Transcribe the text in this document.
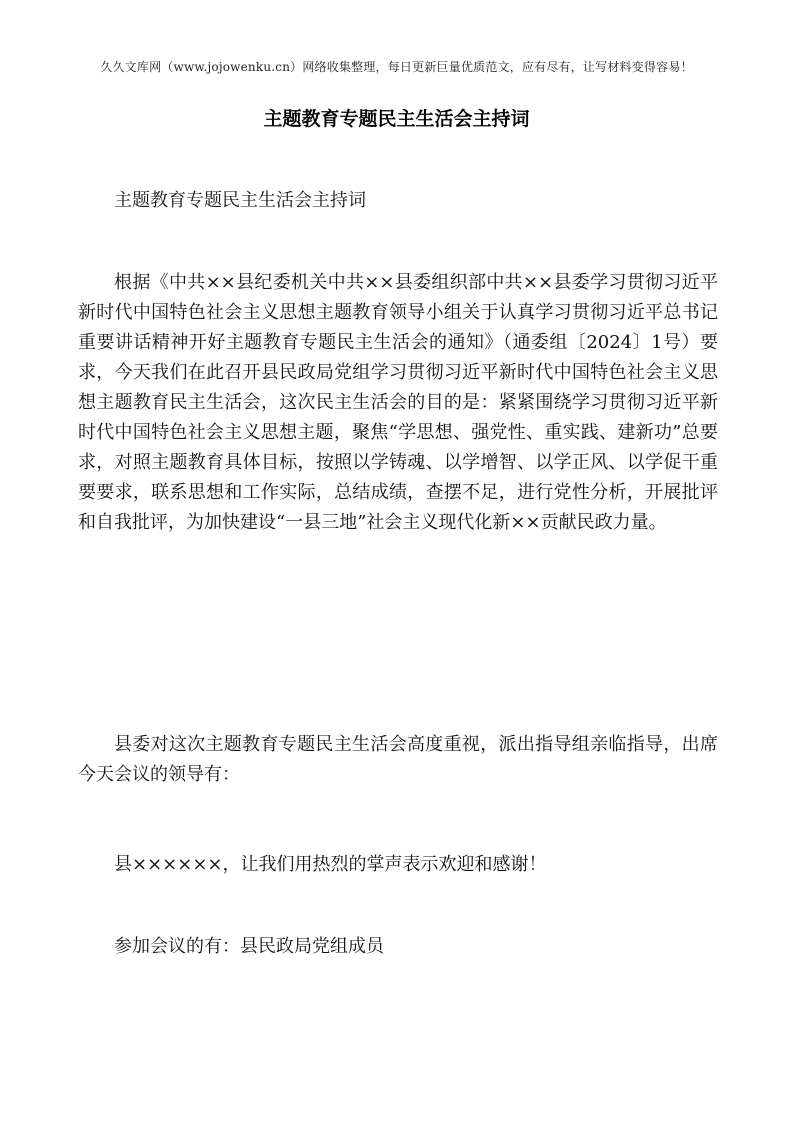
久久文库网（www.jojowenku.cn）网络收集整理，每日更新巨量优质范文，应有尽有，让写材料变得容易！
主题教育专题民主生活会主持词

主题教育专题民主生活会主持词

根据《中共××县纪委机关中共××县委组织部中共××县委学习贯彻习近平新时代中国特色社会主义思想主题教育领导小组关于认真学习贯彻习近平总书记重要讲话精神开好主题教育专题民主生活会的通知》（通委组〔2024〕1号）要求，今天我们在此召开县民政局党组学习贯彻习近平新时代中国特色社会主义思想主题教育民主生活会，这次民主生活会的目的是：紧紧围绕学习贯彻习近平新时代中国特色社会主义思想主题，聚焦“学思想、强党性、重实践、建新功”总要求，对照主题教育具体目标，按照以学铸魂、以学增智、以学正风、以学促干重要要求，联系思想和工作实际，总结成绩，查摆不足，进行党性分析，开展批评和自我批评，为加快建设“一县三地”社会主义现代化新××贡献民政力量。

县委对这次主题教育专题民主生活会高度重视，派出指导组亲临指导，出席今天会议的领导有：

县××××××，让我们用热烈的掌声表示欢迎和感谢！

参加会议的有：县民政局党组成员
